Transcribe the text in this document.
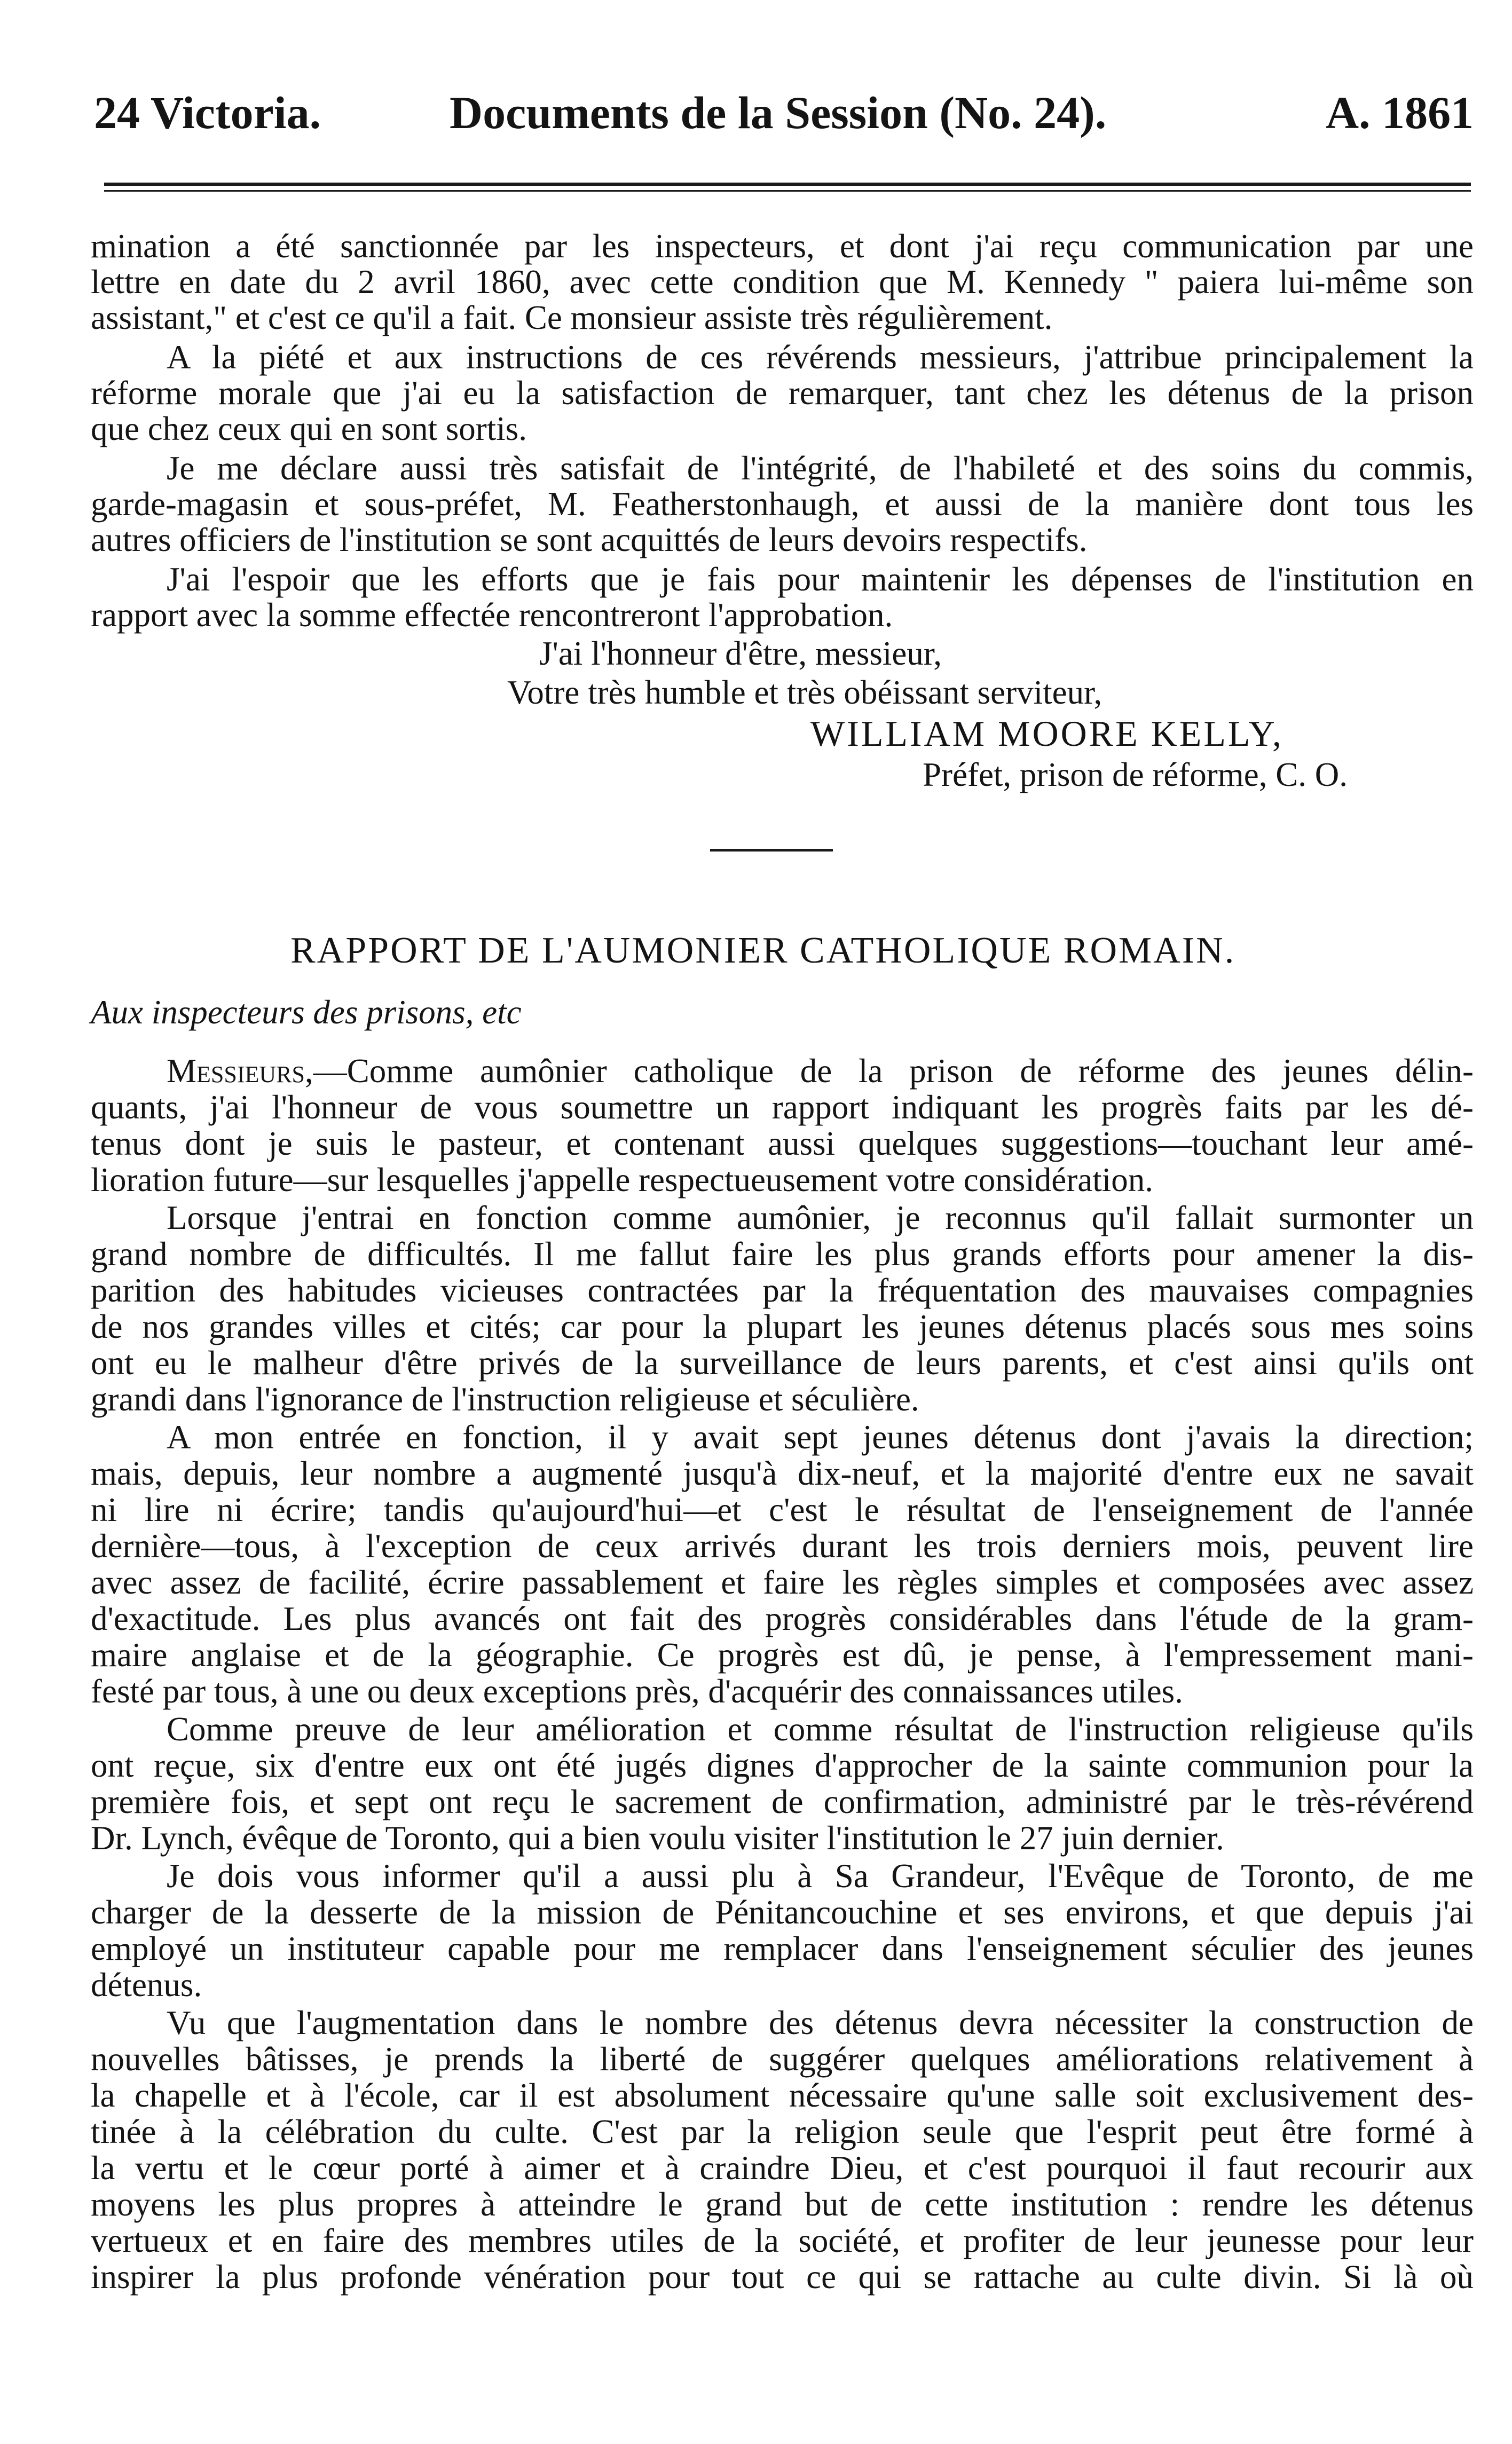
24 Victoria.	Documents de la Session (No. 24).	A. 1861
mination a été sanctionnée par les inspecteurs, et dont j'ai reçu communication par une
lettre en date du 2 avril 1860, avec cette condition que M. Kennedy " paiera lui-même son
assistant," et c'est ce qu'il a fait. Ce monsieur assiste très régulièrement.
A la piété et aux instructions de ces révérends messieurs, j'attribue principalement la
réforme morale que j'ai eu la satisfaction de remarquer, tant chez les détenus de la prison
que chez ceux qui en sont sortis.
Je me déclare aussi très satisfait de l'intégrité, de l'habileté et des soins du commis,
garde-magasin et sous-préfet, M. Featherstonhaugh, et aussi de la manière dont tous les
autres officiers de l'institution se sont acquittés de leurs devoirs respectifs.
J'ai l'espoir que les efforts que je fais pour maintenir les dépenses de l'institution en
rapport avec la somme effectée rencontreront l'approbation.
J'ai l'honneur d'être, messieur,
Votre très humble et très obéissant serviteur,
WILLIAM MOORE KELLY,
Préfet, prison de réforme, C. O.
RAPPORT DE L'AUMONIER CATHOLIQUE ROMAIN.
Aux inspecteurs des prisons, etc
Messieurs,—Comme aumônier catholique de la prison de réforme des jeunes délin-
quants, j'ai l'honneur de vous soumettre un rapport indiquant les progrès faits par les dé-
tenus dont je suis le pasteur, et contenant aussi quelques suggestions—touchant leur amé-
lioration future—sur lesquelles j'appelle respectueusement votre considération.
Lorsque j'entrai en fonction comme aumônier, je reconnus qu'il fallait surmonter un
grand nombre de difficultés. Il me fallut faire les plus grands efforts pour amener la dis-
parition des habitudes vicieuses contractées par la fréquentation des mauvaises compagnies
de nos grandes villes et cités; car pour la plupart les jeunes détenus placés sous mes soins
ont eu le malheur d'être privés de la surveillance de leurs parents, et c'est ainsi qu'ils ont
grandi dans l'ignorance de l'instruction religieuse et séculière.
A mon entrée en fonction, il y avait sept jeunes détenus dont j'avais la direction;
mais, depuis, leur nombre a augmenté jusqu'à dix-neuf, et la majorité d'entre eux ne savait
ni lire ni écrire; tandis qu'aujourd'hui—et c'est le résultat de l'enseignement de l'année
dernière—tous, à l'exception de ceux arrivés durant les trois derniers mois, peuvent lire
avec assez de facilité, écrire passablement et faire les règles simples et composées avec assez
d'exactitude. Les plus avancés ont fait des progrès considérables dans l'étude de la gram-
maire anglaise et de la géographie. Ce progrès est dû, je pense, à l'empressement mani-
festé par tous, à une ou deux exceptions près, d'acquérir des connaissances utiles.
Comme preuve de leur amélioration et comme résultat de l'instruction religieuse qu'ils
ont reçue, six d'entre eux ont été jugés dignes d'approcher de la sainte communion pour la
première fois, et sept ont reçu le sacrement de confirmation, administré par le très-révérend
Dr. Lynch, évêque de Toronto, qui a bien voulu visiter l'institution le 27 juin dernier.
Je dois vous informer qu'il a aussi plu à Sa Grandeur, l'Evêque de Toronto, de me
charger de la desserte de la mission de Pénitancouchine et ses environs, et que depuis j'ai
employé un instituteur capable pour me remplacer dans l'enseignement séculier des jeunes
détenus.
Vu que l'augmentation dans le nombre des détenus devra nécessiter la construction de
nouvelles bâtisses, je prends la liberté de suggérer quelques améliorations relativement à
la chapelle et à l'école, car il est absolument nécessaire qu'une salle soit exclusivement des-
tinée à la célébration du culte. C'est par la religion seule que l'esprit peut être formé à
la vertu et le cœur porté à aimer et à craindre Dieu, et c'est pourquoi il faut recourir aux
moyens les plus propres à atteindre le grand but de cette institution : rendre les détenus
vertueux et en faire des membres utiles de la société, et profiter de leur jeunesse pour leur
inspirer la plus profonde vénération pour tout ce qui se rattache au culte divin. Si là où
